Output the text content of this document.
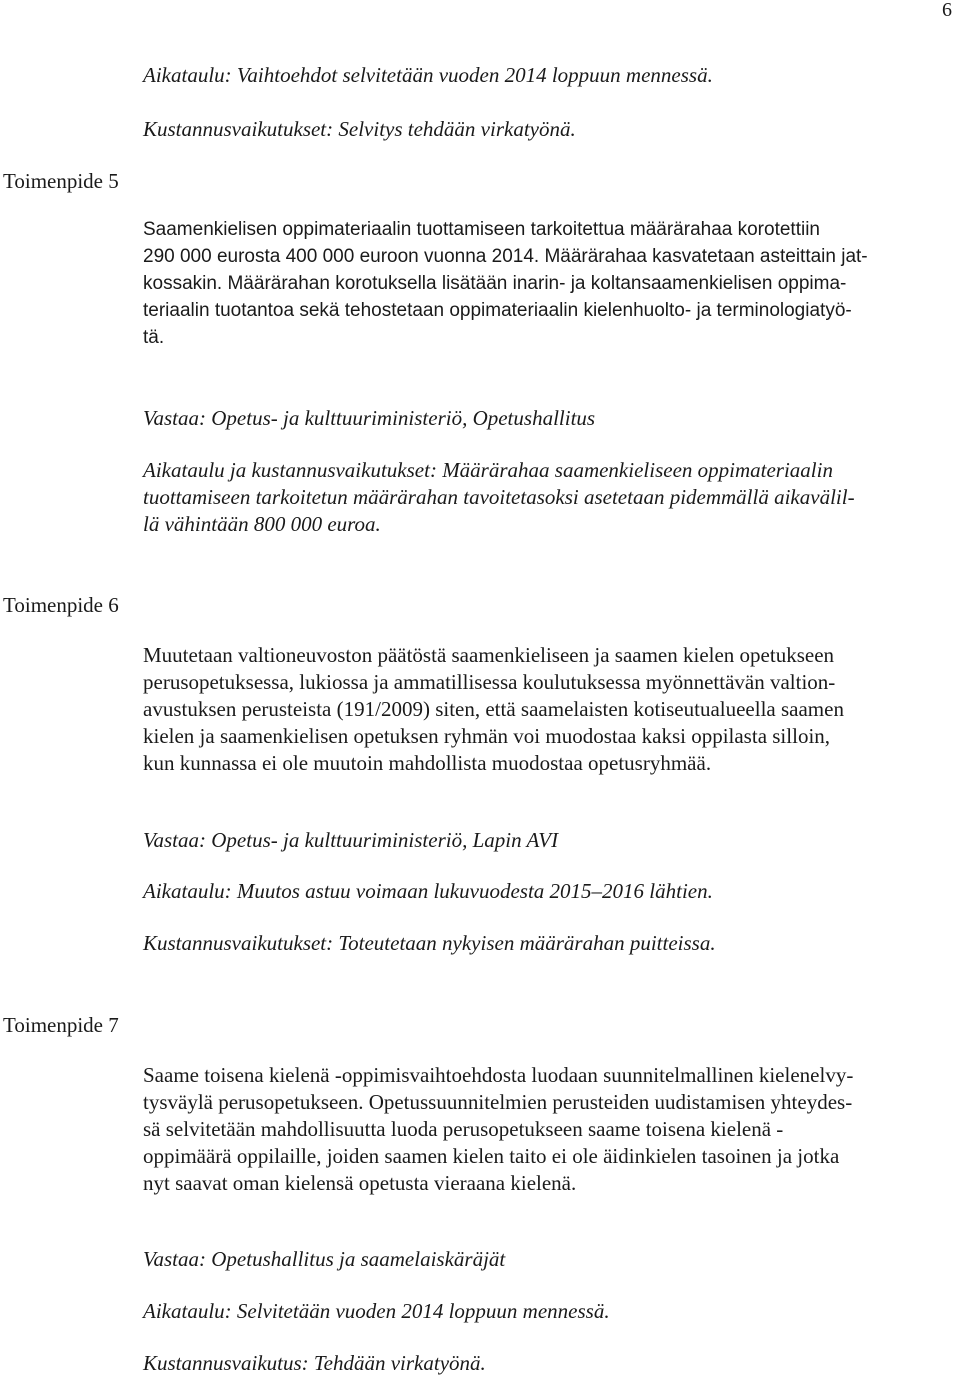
6

Aikataulu: Vaihtoehdot selvitetään vuoden 2014 loppuun mennessä.

Kustannusvaikutukset: Selvitys tehdään virkatyönä.

Toimenpide 5

Saamenkielisen oppimateriaalin tuottamiseen tarkoitettua määrärahaa korotettiin
290 000 eurosta 400 000 euroon vuonna 2014. Määrärahaa kasvatetaan asteittain jat-
kossakin. Määrärahan korotuksella lisätään inarin- ja koltansaamenkielisen oppima-
teriaalin tuotantoa sekä tehostetaan oppimateriaalin kielenhuolto- ja terminologiatyö-
tä.

Vastaa: Opetus- ja kulttuuriministeriö, Opetushallitus

Aikataulu ja kustannusvaikutukset: Määrärahaa saamenkieliseen oppimateriaalin
tuottamiseen tarkoitetun määrärahan tavoitetasoksi asetetaan pidemmällä aikavälil-
lä vähintään 800 000 euroa.

Toimenpide 6

Muutetaan valtioneuvoston päätöstä saamenkieliseen ja saamen kielen opetukseen
perusopetuksessa, lukiossa ja ammatillisessa koulutuksessa myönnettävän valtion-
avustuksen perusteista (191/2009) siten, että saamelaisten kotiseutualueella saamen
kielen ja saamenkielisen opetuksen ryhmän voi muodostaa kaksi oppilasta silloin,
kun kunnassa ei ole muutoin mahdollista muodostaa opetusryhmää.

Vastaa: Opetus- ja kulttuuriministeriö, Lapin AVI

Aikataulu: Muutos astuu voimaan lukuvuodesta 2015–2016 lähtien.

Kustannusvaikutukset: Toteutetaan nykyisen määrärahan puitteissa.

Toimenpide 7

Saame toisena kielenä -oppimisvaihtoehdosta luodaan suunnitelmallinen kielenelvy-
tysväylä perusopetukseen. Opetussuunnitelmien perusteiden uudistamisen yhteydes-
sä selvitetään mahdollisuutta luoda perusopetukseen saame toisena kielenä -
oppimäärä oppilaille, joiden saamen kielen taito ei ole äidinkielen tasoinen ja jotka
nyt saavat oman kielensä opetusta vieraana kielenä.

Vastaa: Opetushallitus ja saamelaiskäräjät

Aikataulu: Selvitetään vuoden 2014 loppuun mennessä.

Kustannusvaikutus: Tehdään virkatyönä.
